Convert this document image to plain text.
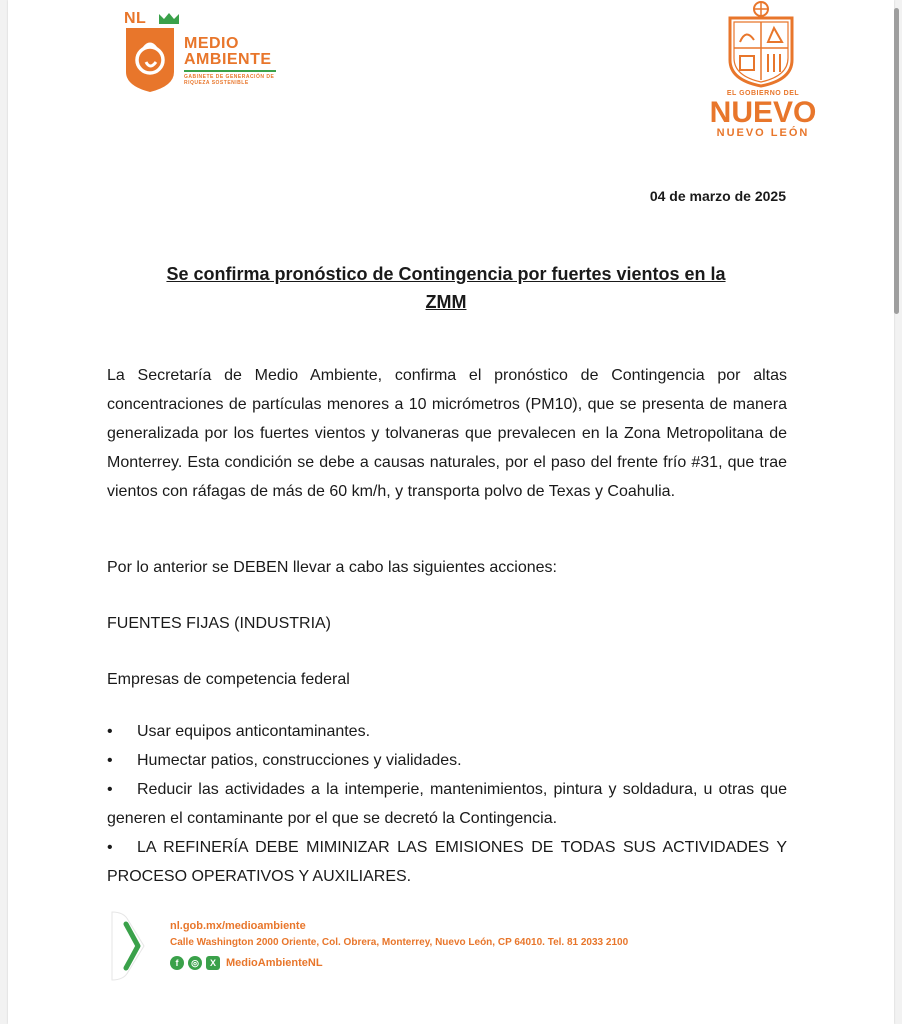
NL
MEDIO
AMBIENTE
GABINETE DE GENERACIÓN DE RIQUEZA SOSTENIBLE
EL GOBIERNO DEL
NUEVO
NUEVO LEÓN
04 de marzo de 2025
Se confirma pronóstico de Contingencia por fuertes vientos en la
ZMM
La Secretaría de Medio Ambiente, confirma el pronóstico de Contingencia por altas concentraciones de partículas menores a 10 micrómetros (PM10), que se presenta de manera generalizada por los fuertes vientos y tolvaneras que prevalecen en la Zona Metropolitana de Monterrey. Esta condición se debe a causas naturales, por el paso del frente frío #31, que trae vientos con ráfagas de más de 60 km/h, y transporta polvo de Texas y Coahulia.
Por lo anterior se DEBEN llevar a cabo las siguientes acciones:
FUENTES FIJAS (INDUSTRIA)
Empresas de competencia federal
• Usar equipos anticontaminantes.
• Humectar patios, construcciones y vialidades.
• Reducir las actividades a la intemperie, mantenimientos, pintura y soldadura, u otras que generen el contaminante por el que se decretó la Contingencia.
• LA REFINERÍA DEBE MIMINIZAR LAS EMISIONES DE TODAS SUS ACTIVIDADES Y PROCESO OPERATIVOS Y AUXILIARES.
nl.gob.mx/medioambiente
Calle Washington 2000 Oriente, Col. Obrera, Monterrey, Nuevo León, CP 64010. Tel. 81 2033 2100
f	◎	X MedioAmbienteNL
